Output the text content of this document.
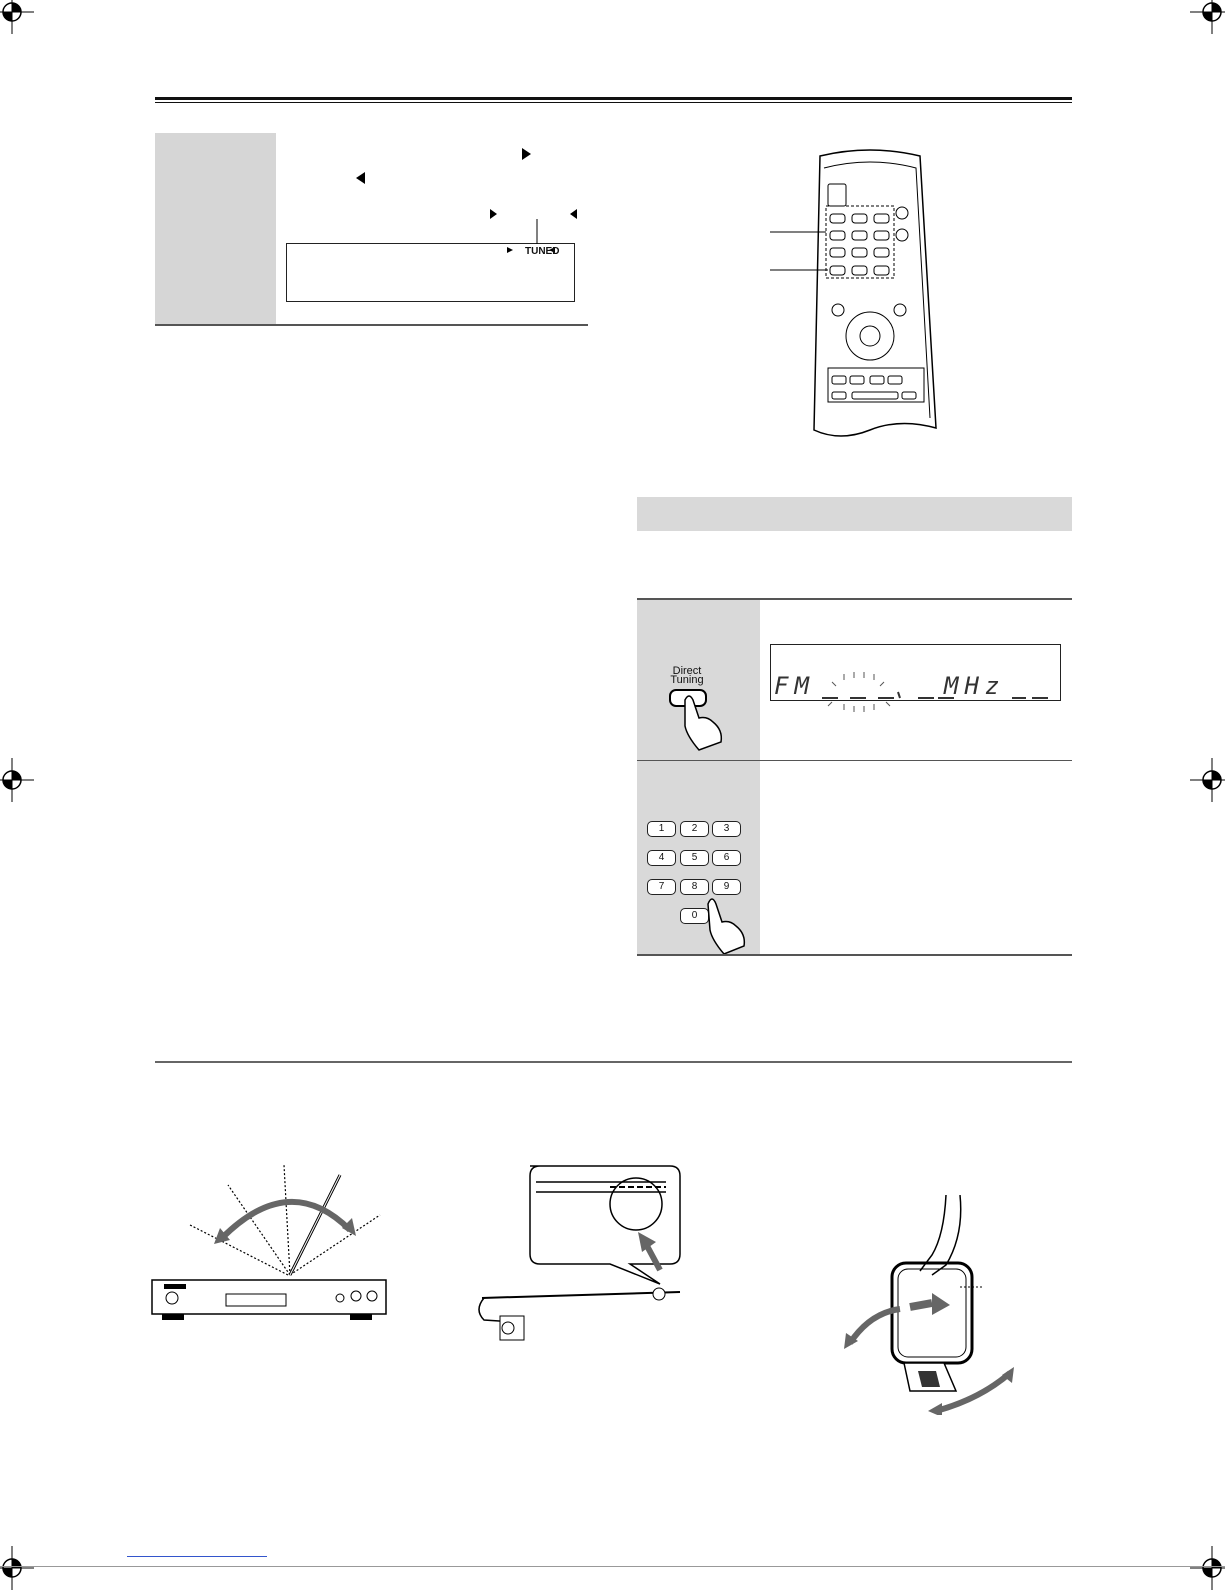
TUNED
Direct
Tuning	FM	MHz
1	2	3
4	5	6
7	8	9
0
